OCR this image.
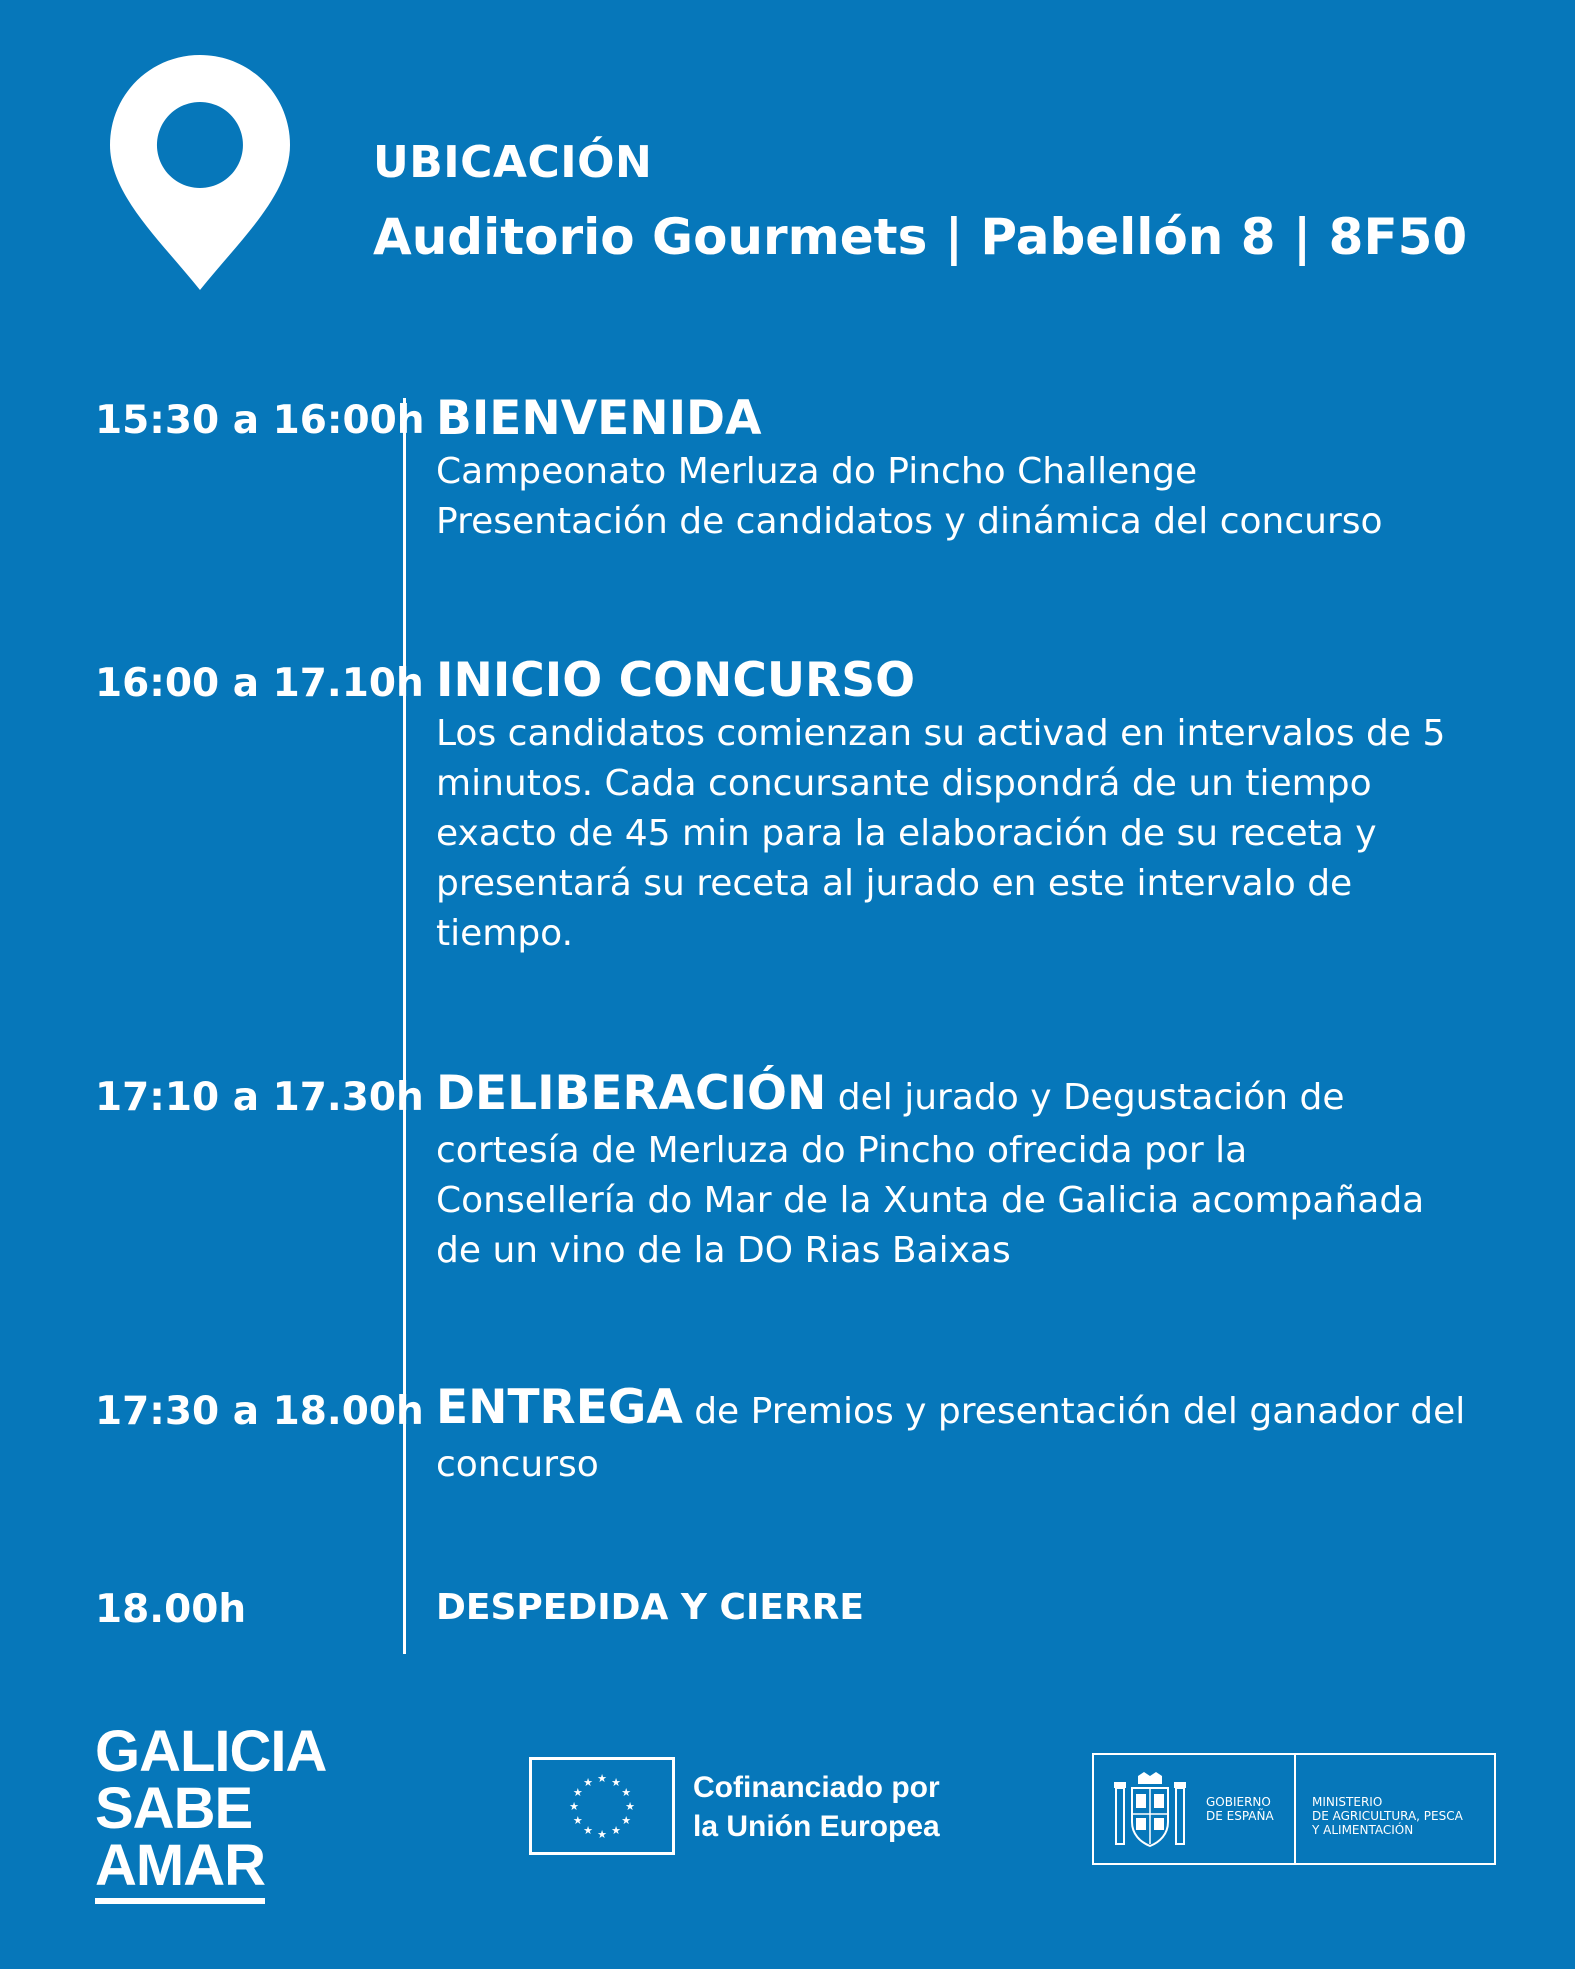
UBICACIÓN
Auditorio Gourmets | Pabellón 8 | 8F50
15:30 a 16:00h BIENVENIDA
Campeonato Merluza do Pincho Challenge
Presentación de candidatos y dinámica del concurso
16:00 a 17.10h INICIO CONCURSO
Los candidatos comienzan su activad en intervalos de 5
minutos. Cada concursante dispondrá de un tiempo
exacto de 45 min para la elaboración de su receta y
presentará su receta al jurado en este intervalo de
tiempo.
17:10 a 17.30h DELIBERACIÓN del jurado y Degustación de
cortesía de Merluza do Pincho ofrecida por la
Consellería do Mar de la Xunta de Galicia acompañada
de un vino de la DO Rias Baixas
17:30 a 18.00h ENTREGA de Premios y presentación del ganador del
concurso
18.00h	DESPEDIDA Y CIERRE
GALICIA
SABE
AMAR
★ ★
★
★
★
★
★
★
★
★
★
★	Cofinanciado por
la Unión Europea
GOBIERNO
DE ESPAÑA
MINISTERIO
DE AGRICULTURA, PESCA
Y ALIMENTACIÓN
